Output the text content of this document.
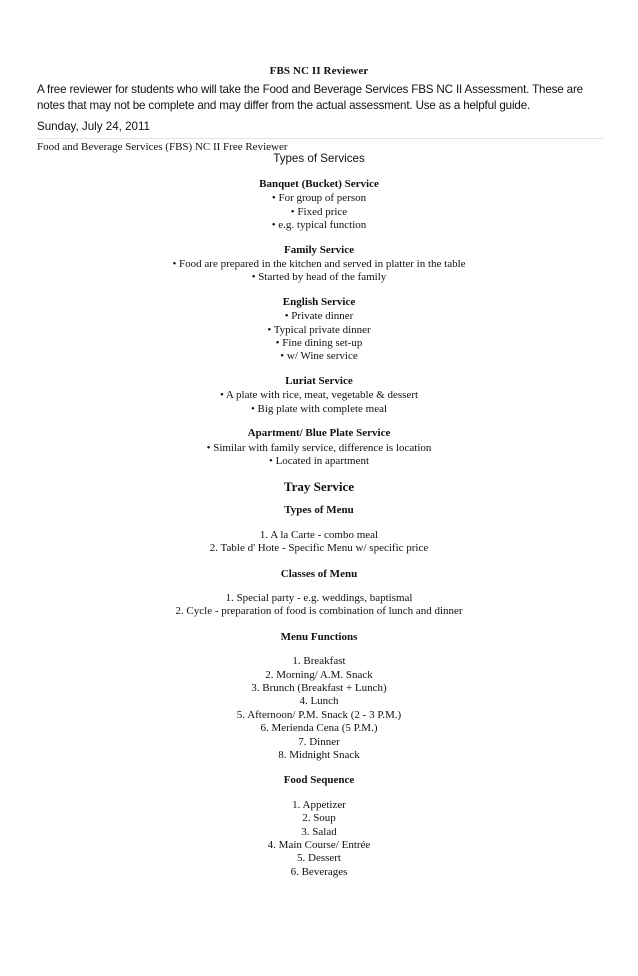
FBS NC II Reviewer

A free reviewer for students who will take the Food and Beverage Services FBS NC II Assessment. These are notes that may not be complete and may differ from the actual assessment. Use as a helpful guide.

Sunday, July 24, 2011

Food and Beverage Services (FBS) NC II Free Reviewer

Types of Services

Banquet (Bucket) Service

• For group of person

• Fixed price

• e.g. typical function

Family Service

• Food are prepared in the kitchen and served in platter in the table

• Started by head of the family

English Service

• Private dinner

• Typical private dinner

• Fine dining set-up

• w/ Wine service

Luriat Service

• A plate with rice, meat, vegetable & dessert

• Big plate with complete meal

Apartment/ Blue Plate Service

• Similar with family service, difference is location

• Located in apartment

Tray Service

Types of Menu

1. A la Carte - combo meal

2. Table d' Hote - Specific Menu w/ specific price

Classes of Menu

1. Special party - e.g. weddings, baptismal

2. Cycle - preparation of food is combination of lunch and dinner

Menu Functions

1. Breakfast

2. Morning/ A.M. Snack

3. Brunch (Breakfast + Lunch)

4. Lunch

5. Afternoon/ P.M. Snack (2 - 3 P.M.)

6. Merienda Cena (5 P.M.)

7. Dinner

8. Midnight Snack

Food Sequence

1. Appetizer

2. Soup

3. Salad

4. Main Course/ Entrée

5. Dessert

6. Beverages
